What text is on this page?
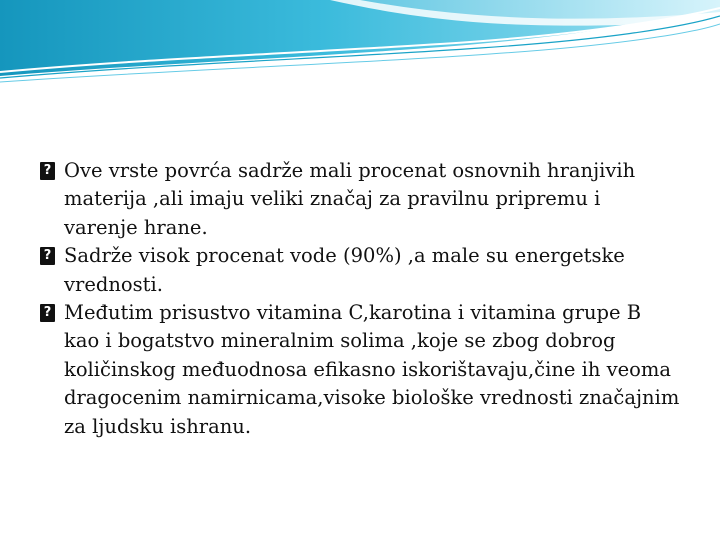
?
Ove vrste povrća sadrže mali procenat osnovnih hranjivih materija ,ali imaju veliki značaj za pravilnu pripremu i varenje hrane.

?
Sadrže visok procenat vode (90%) ,a male su energetske vrednosti.

?
Međutim prisustvo vitamina C,karotina i vitamina grupe B kao i bogatstvo mineralnim solima ,koje se zbog dobrog količinskog međuodnosa efikasno iskorištavaju,čine ih veoma dragocenim namirnicama,visoke biološke vrednosti značajnim za ljudsku ishranu.
